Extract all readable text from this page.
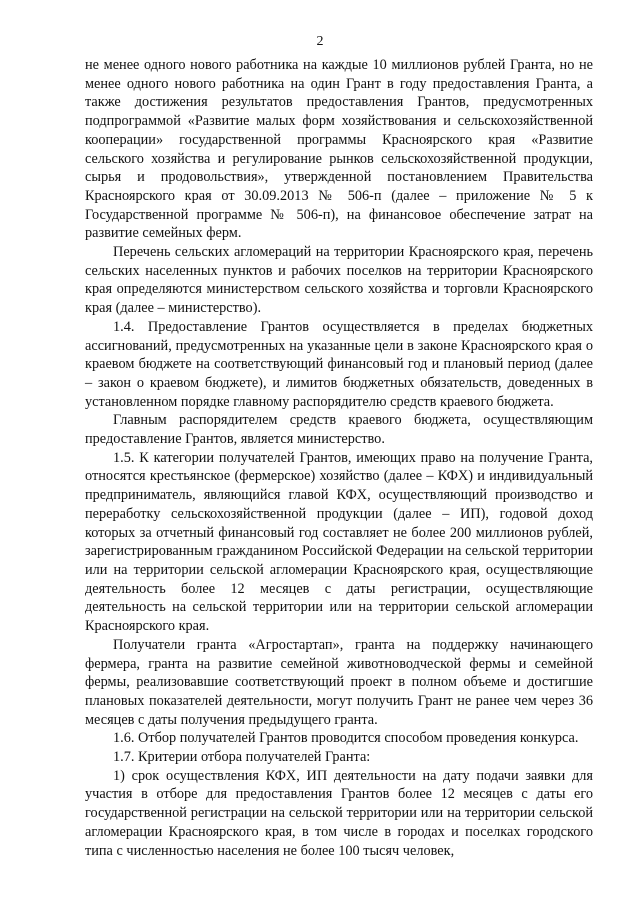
2

не менее одного нового работника на каждые 10 миллионов рублей Гранта, но не менее одного нового работника на один Грант в году предоставления Гранта, а также достижения результатов предоставления Грантов, предусмотренных подпрограммой «Развитие малых форм хозяйствования и сельскохозяйственной кооперации» государственной программы Красноярского края «Развитие сельского хозяйства и регулирование рынков сельскохозяйственной продукции, сырья и продовольствия», утвержденной постановлением Правительства Красноярского края от 30.09.2013 № 506-п (далее – приложение № 5 к Государственной программе № 506-п), на финансовое обеспечение затрат на развитие семейных ферм.

Перечень сельских агломераций на территории Красноярского края, перечень сельских населенных пунктов и рабочих поселков на территории Красноярского края определяются министерством сельского хозяйства и торговли Красноярского края (далее – министерство).

1.4. Предоставление Грантов осуществляется в пределах бюджетных ассигнований, предусмотренных на указанные цели в законе Красноярского края о краевом бюджете на соответствующий финансовый год и плановый период (далее – закон о краевом бюджете), и лимитов бюджетных обязательств, доведенных в установленном порядке главному распорядителю средств краевого бюджета.

Главным распорядителем средств краевого бюджета, осуществляющим предоставление Грантов, является министерство.

1.5. К категории получателей Грантов, имеющих право на получение Гранта, относятся крестьянское (фермерское) хозяйство (далее – КФХ) и индивидуальный предприниматель, являющийся главой КФХ, осуществляющий производство и переработку сельскохозяйственной продукции (далее – ИП), годовой доход которых за отчетный финансовый год составляет не более 200 миллионов рублей, зарегистрированным гражданином Российской Федерации на сельской территории или на территории сельской агломерации Красноярского края, осуществляющие деятельность более 12 месяцев с даты регистрации, осуществляющие деятельность на сельской территории или на территории сельской агломерации Красноярского края.

Получатели гранта «Агростартап», гранта на поддержку начинающего фермера, гранта на развитие семейной животноводческой фермы и семейной фермы, реализовавшие соответствующий проект в полном объеме и достигшие плановых показателей деятельности, могут получить Грант не ранее чем через 36 месяцев с даты получения предыдущего гранта.

1.6. Отбор получателей Грантов проводится способом проведения конкурса.

1.7. Критерии отбора получателей Гранта:

1) срок осуществления КФХ, ИП деятельности на дату подачи заявки для участия в отборе для предоставления Грантов более 12 месяцев с даты его государственной регистрации на сельской территории или на территории сельской агломерации Красноярского края, в том числе в городах и поселках городского типа с численностью населения не более 100 тысяч человек,
